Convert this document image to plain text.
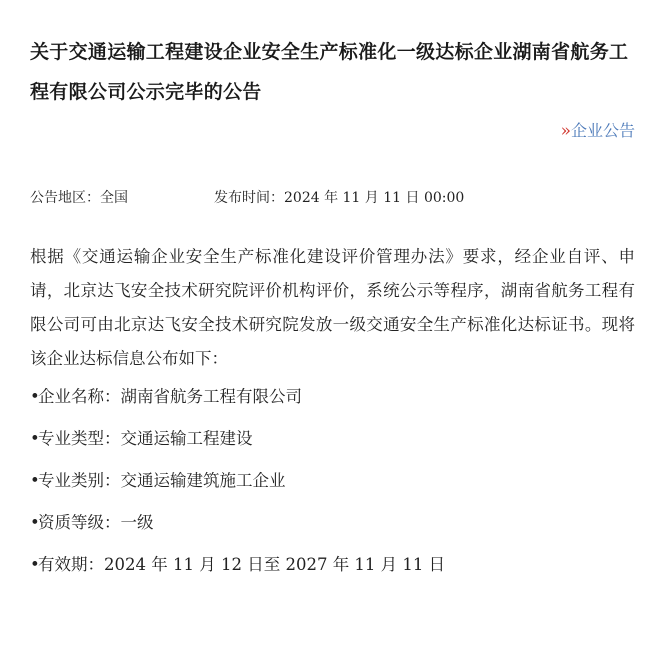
关于交通运输工程建设企业安全生产标准化一级达标企业湖南省航务工程有限公司公示完毕的公告
»企业公告
公告地区：全国	发布时间：2024 年 11 月 11 日 00:00
根据《交通运输企业安全生产标准化建设评价管理办法》要求，经企业自评、申请，北京达飞安全技术研究院评价机构评价，系统公示等程序，湖南省航务工程有限公司可由北京达飞安全技术研究院发放一级交通安全生产标准化达标证书。现将该企业达标信息公布如下：
•企业名称：湖南省航务工程有限公司
•专业类型：交通运输工程建设
•专业类别：交通运输建筑施工企业
•资质等级：一级
•有效期：2024 年 11 月 12 日至 2027 年 11 月 11 日
